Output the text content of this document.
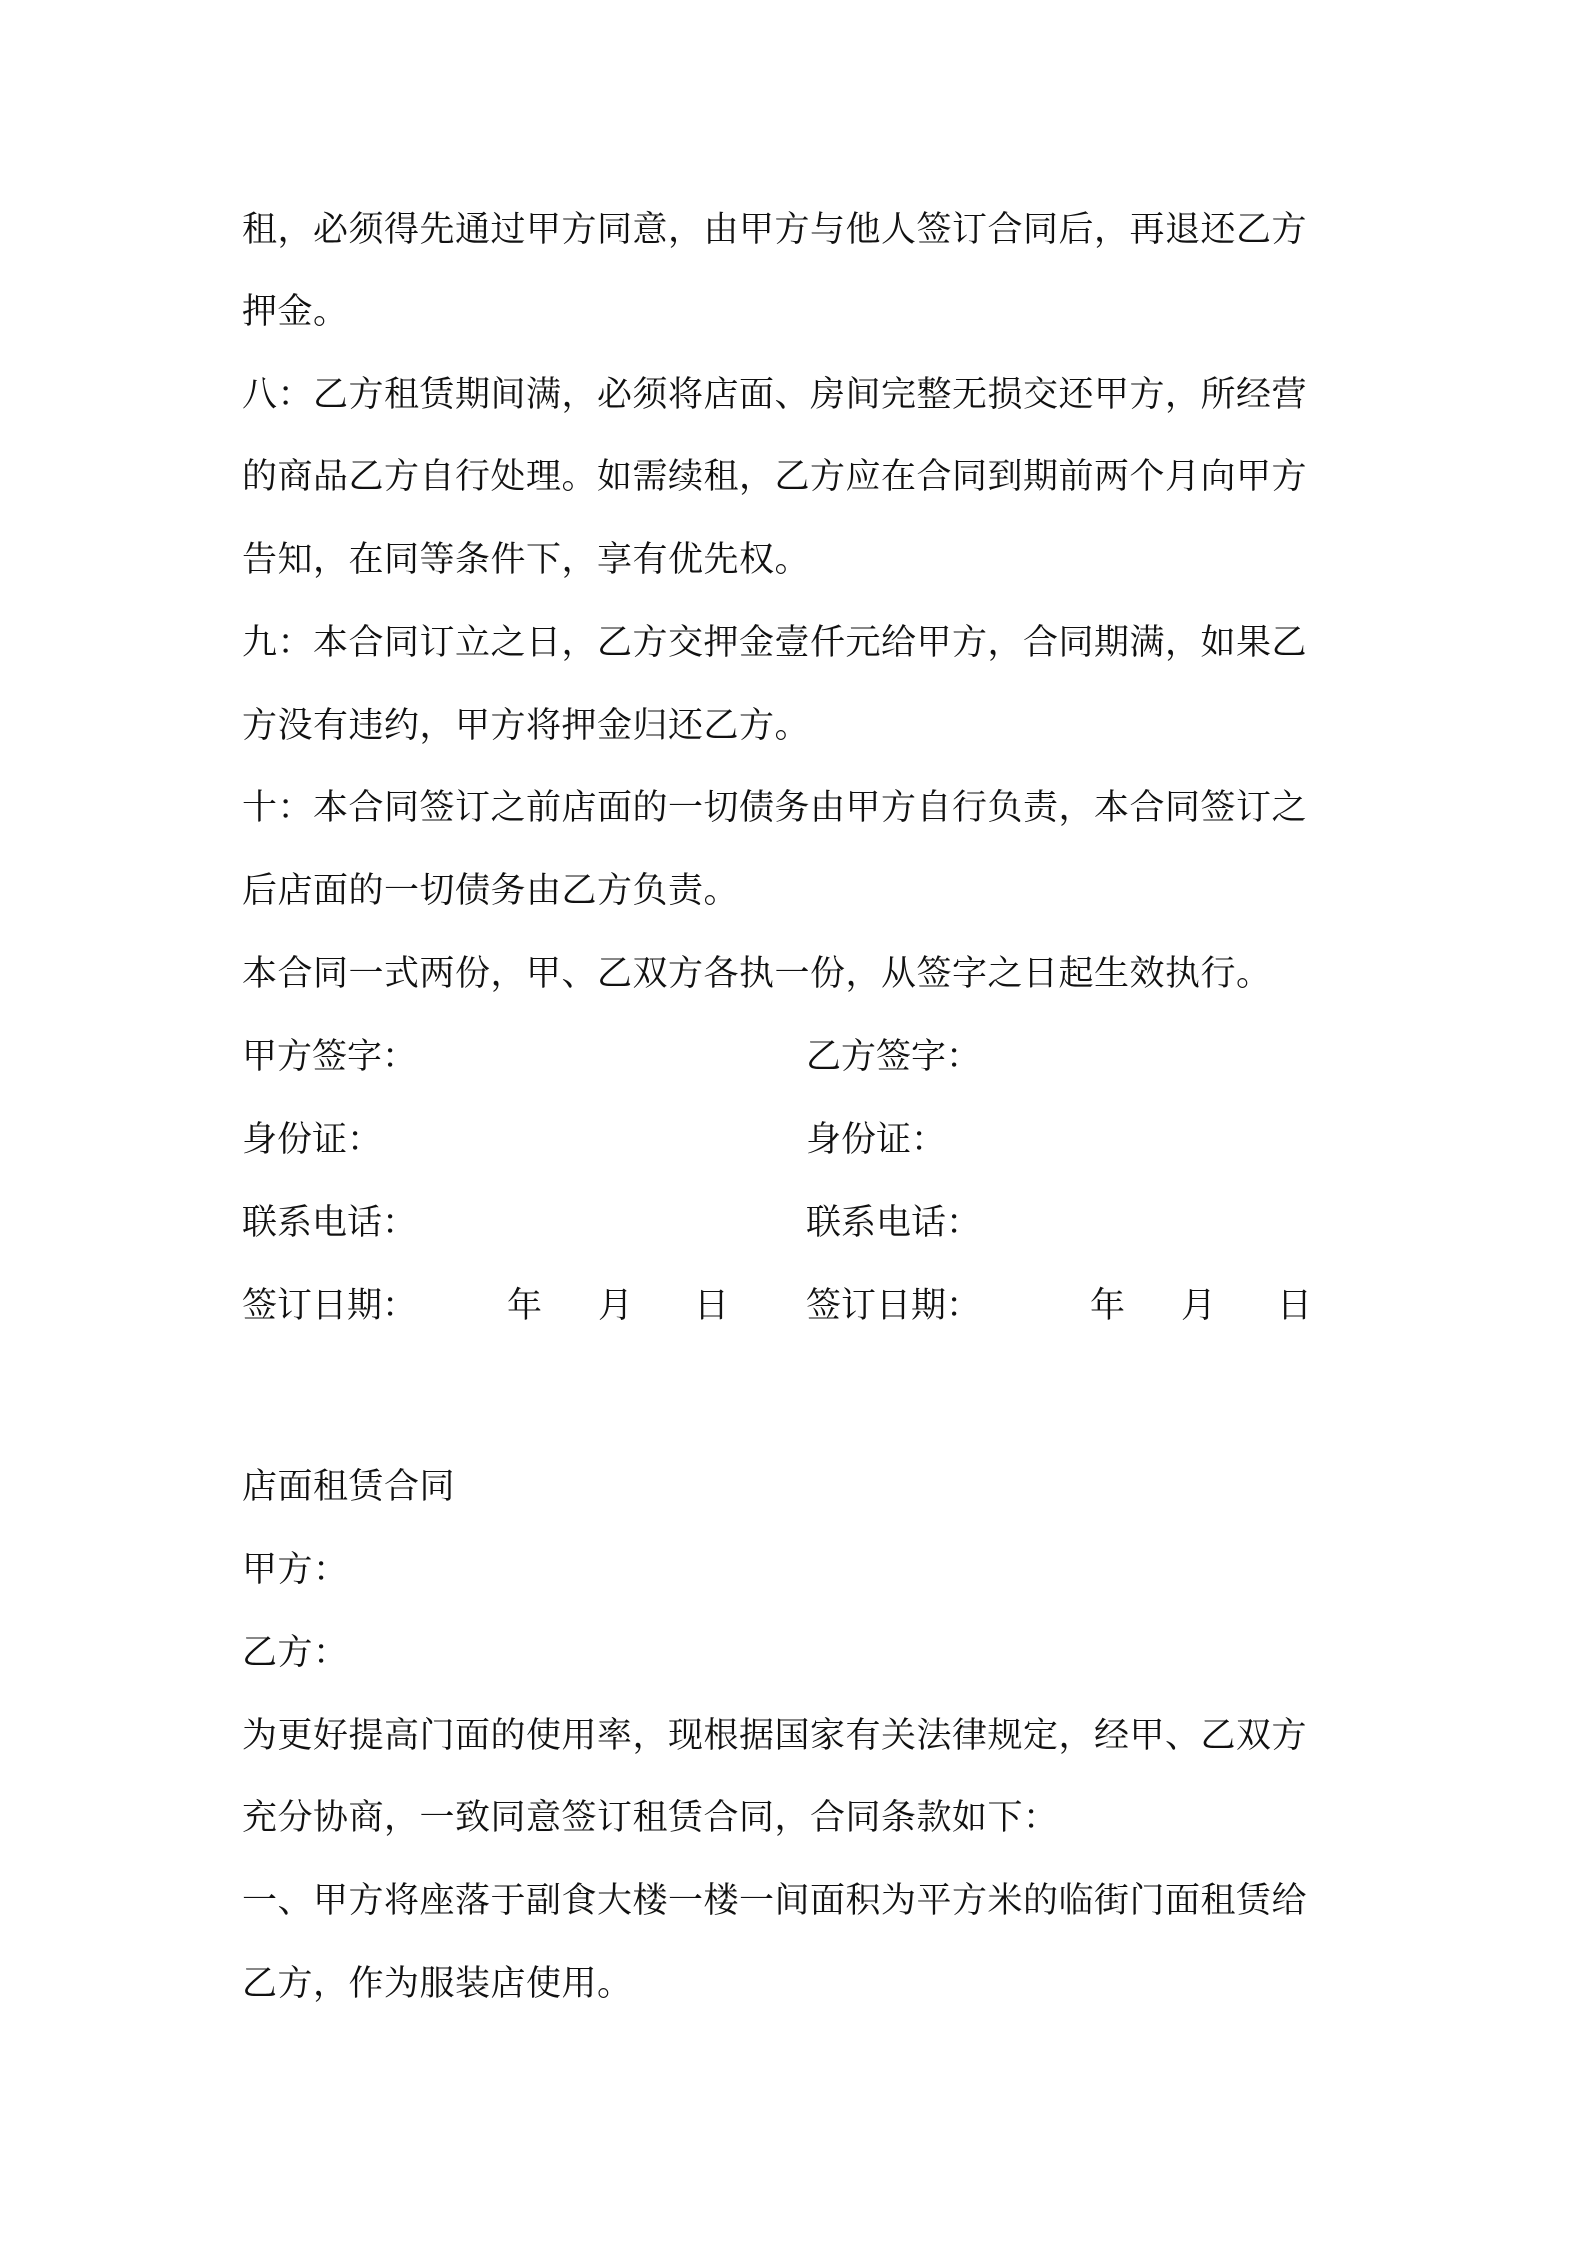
租，必须得先通过甲方同意，由甲方与他人签订合同后，再退还乙方
押金。
八：乙方租赁期间满，必须将店面、房间完整无损交还甲方，所经营
的商品乙方自行处理。如需续租，乙方应在合同到期前两个月向甲方
告知，在同等条件下，享有优先权。
九：本合同订立之日，乙方交押金壹仟元给甲方，合同期满，如果乙
方没有违约，甲方将押金归还乙方。
十：本合同签订之前店面的一切债务由甲方自行负责，本合同签订之
后店面的一切债务由乙方负责。
本合同一式两份，甲、乙双方各执一份，从签字之日起生效执行。
甲方签字：	乙方签字：
身份证：	身份证：
联系电话：	联系电话：
签订日期：	年 月 日 签订日期：	年 月 日
店面租赁合同
甲方：
乙方：
为更好提高门面的使用率，现根据国家有关法律规定，经甲、乙双方
充分协商，一致同意签订租赁合同，合同条款如下：
一、甲方将座落于副食大楼一楼一间面积为平方米的临街门面租赁给
乙方，作为服装店使用。
